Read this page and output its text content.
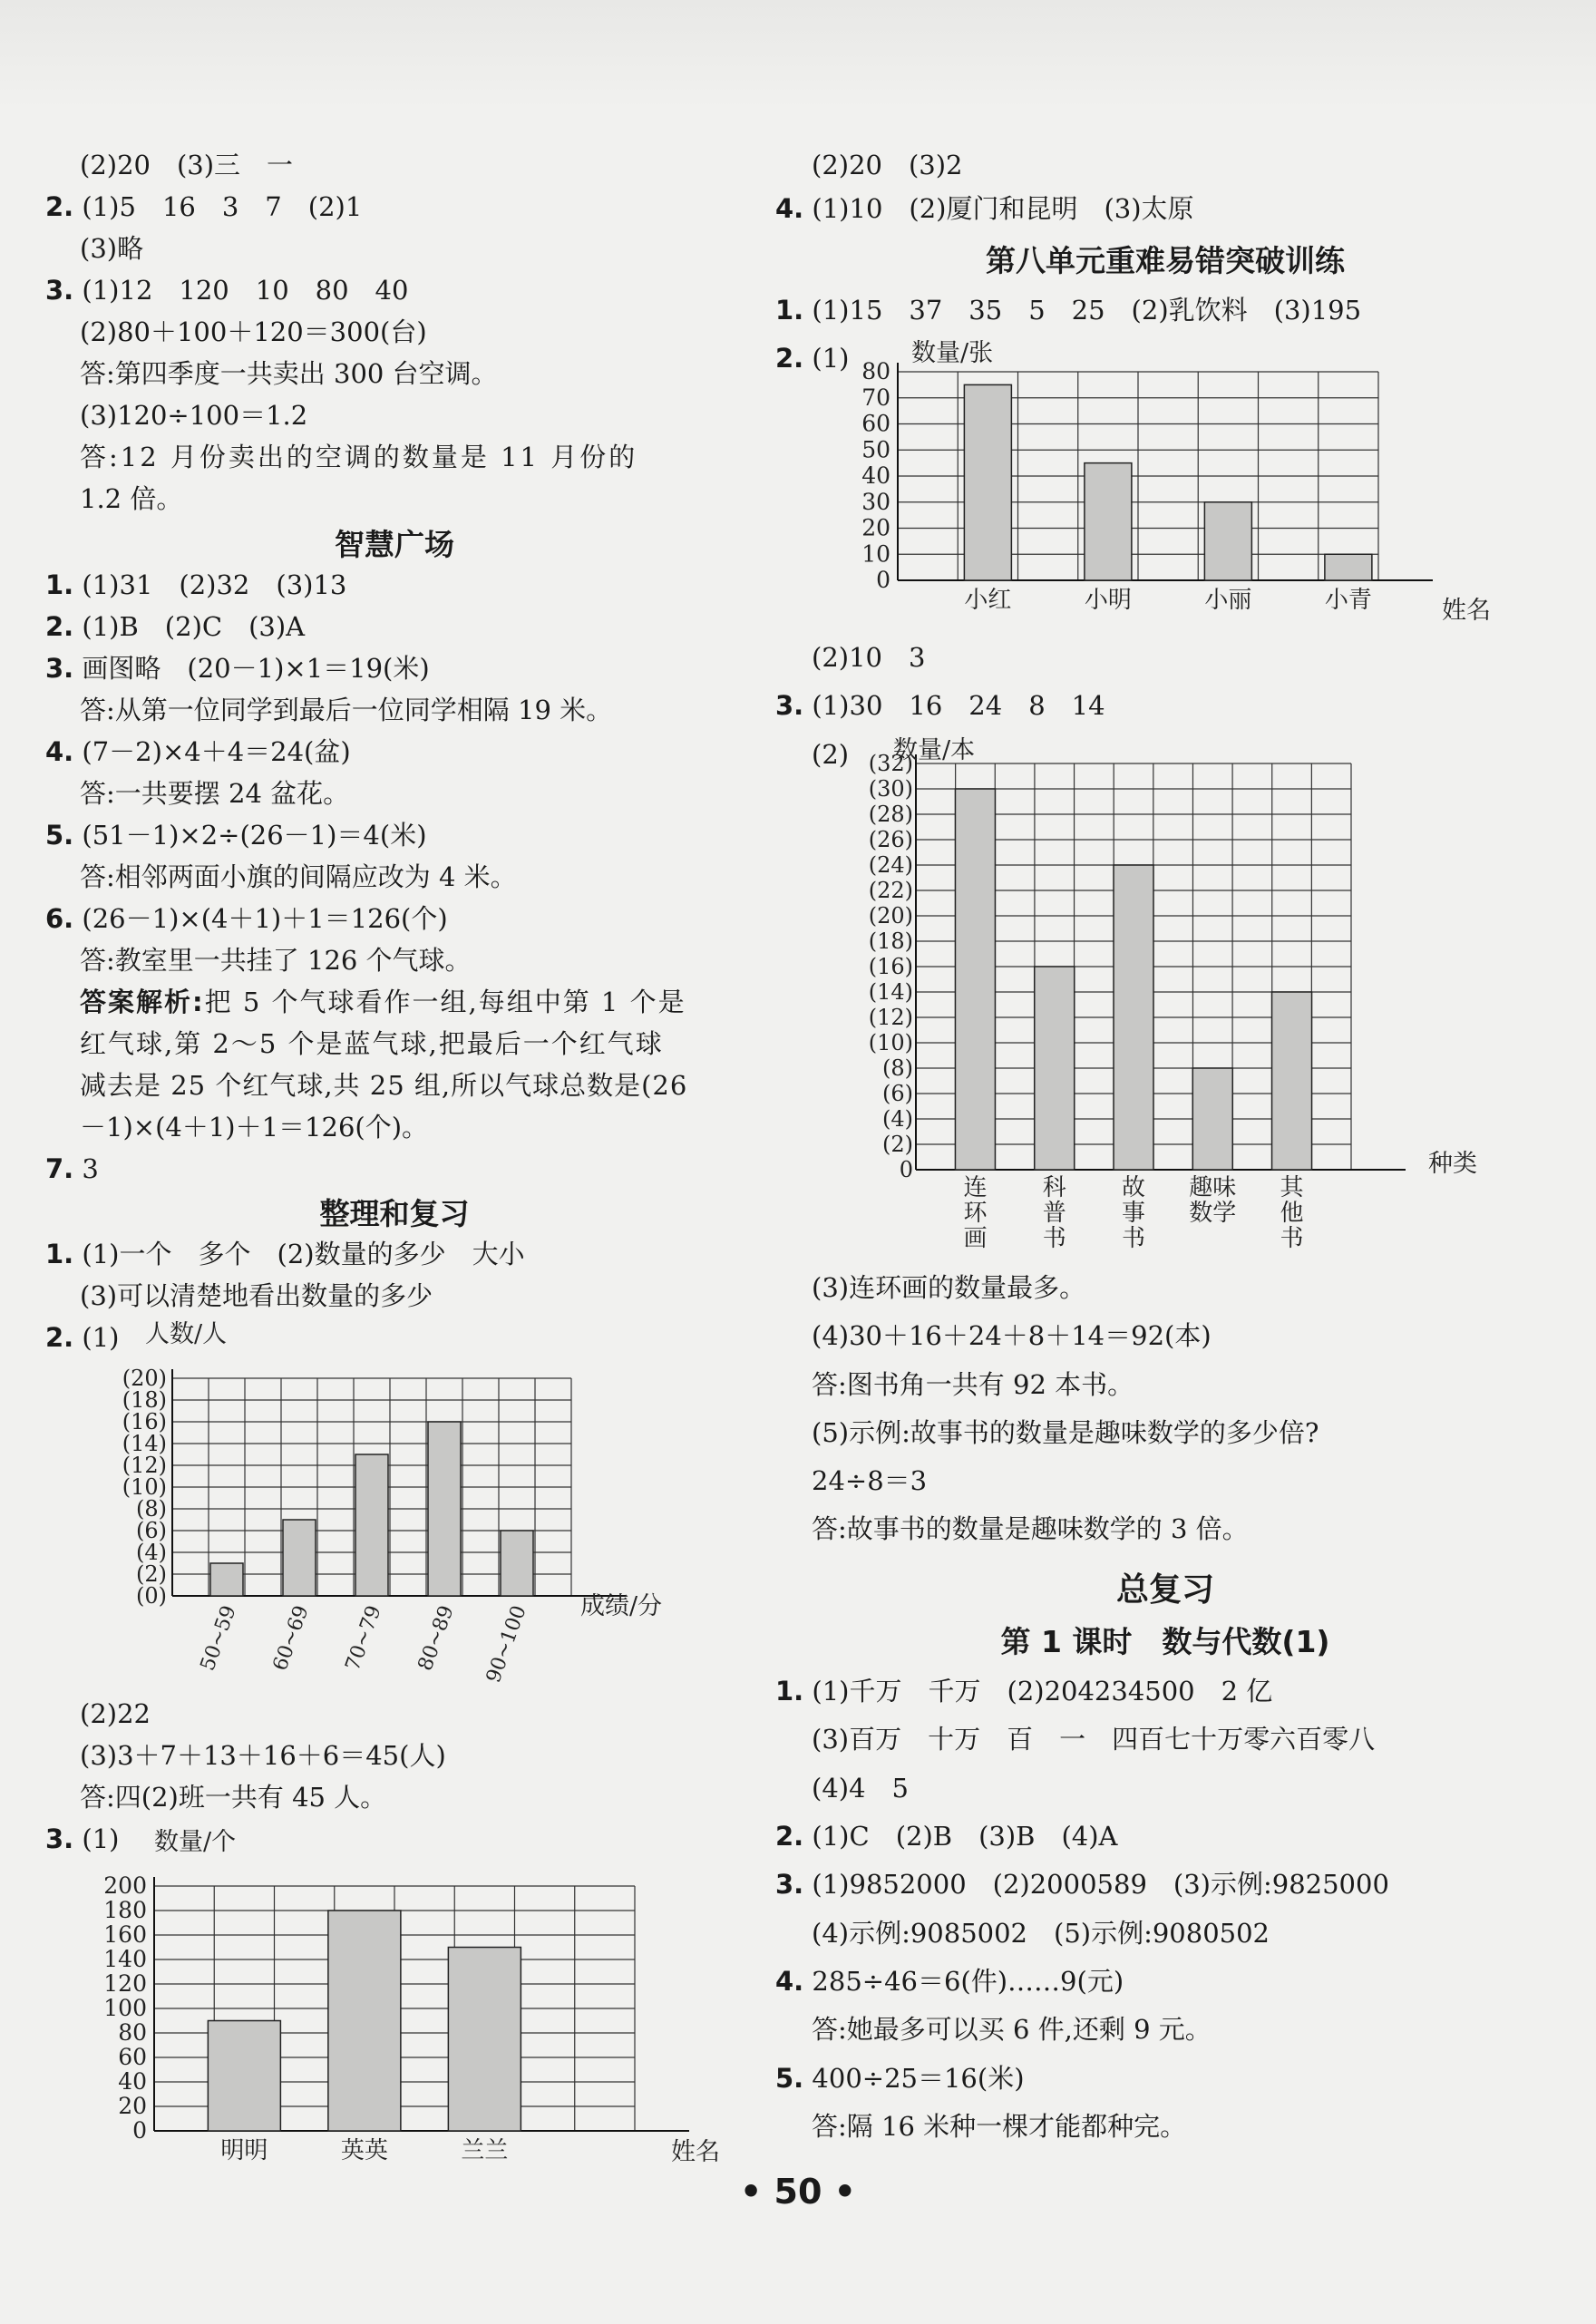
(2)20　(3)三　一
2. (1)5　16　3　7　(2)1
(3)略
3. (1)12　120　10　80　40
(2)80＋100＋120＝300(台)
答:第四季度一共卖出 300 台空调。
(3)120÷100＝1.2
答:12 月份卖出的空调的数量是 11 月份的
1.2 倍。
智慧广场
1. (1)31　(2)32　(3)13
2. (1)B　(2)C　(3)A
3. 画图略　(20－1)×1＝19(米)
答:从第一位同学到最后一位同学相隔 19 米。
4. (7－2)×4＋4＝24(盆)
答:一共要摆 24 盆花。
5. (51－1)×2÷(26－1)＝4(米)
答:相邻两面小旗的间隔应改为 4 米。
6. (26－1)×(4＋1)＋1＝126(个)
答:教室里一共挂了 126 个气球。
答案解析:把 5 个气球看作一组,每组中第 1 个是
红气球,第 2～5 个是蓝气球,把最后一个红气球
减去是 25 个红气球,共 25 组,所以气球总数是(26
－1)×(4＋1)＋1＝126(个)。
7. 3
整理和复习
1. (1)一个　多个　(2)数量的多少　大小
(3)可以清楚地看出数量的多少
2. (1)
(0)
(2)
(4)
(6)
(8)
(10)
(12)
(14)
(16)
(18)
(20)
人数/人
成绩/分
50~59 60~69 70~79 80~89 90~100
(2)22
(3)3＋7＋13＋16＋6＝45(人)
答:四(2)班一共有 45 人。
3. (1)
0
20
40
60
80
100
120
140
160
180
200
数量/个
姓名
明明	英英	兰兰
(2)20　(3)2
4. (1)10　(2)厦门和昆明　(3)太原
第八单元重难易错突破训练
1. (1)15　37　35　5　25　(2)乳饮料　(3)195
2. (1)
0
10
20
30
40
50
60
70
80
数量/张
姓名
小红	小明	小丽	小青
(2)10　3
3. (1)30　16　24　8　14
(2)
0
(2)
(4)
(6)
(8)
(10)
(12)
(14)
(16)
(18)
(20)
(22)
(24)
(26)
(28)
(30)
(32)
数量/本
种类
连环画
科普书
故事书
趣味数学
其他书
(3)连环画的数量最多。
(4)30＋16＋24＋8＋14＝92(本)
答:图书角一共有 92 本书。
(5)示例:故事书的数量是趣味数学的多少倍?
24÷8＝3
答:故事书的数量是趣味数学的 3 倍。
总复习
第 1 课时　数与代数(1)
1. (1)千万　千万　(2)204234500　2 亿
(3)百万　十万　百　一　四百七十万零六百零八
(4)4　5
2. (1)C　(2)B　(3)B　(4)A
3. (1)9852000　(2)2000589　(3)示例:9825000
(4)示例:9085002　(5)示例:9080502
4. 285÷46＝6(件)……9(元)
答:她最多可以买 6 件,还剩 9 元。
5. 400÷25＝16(米)
答:隔 16 米种一棵才能都种完。
• 50 •
